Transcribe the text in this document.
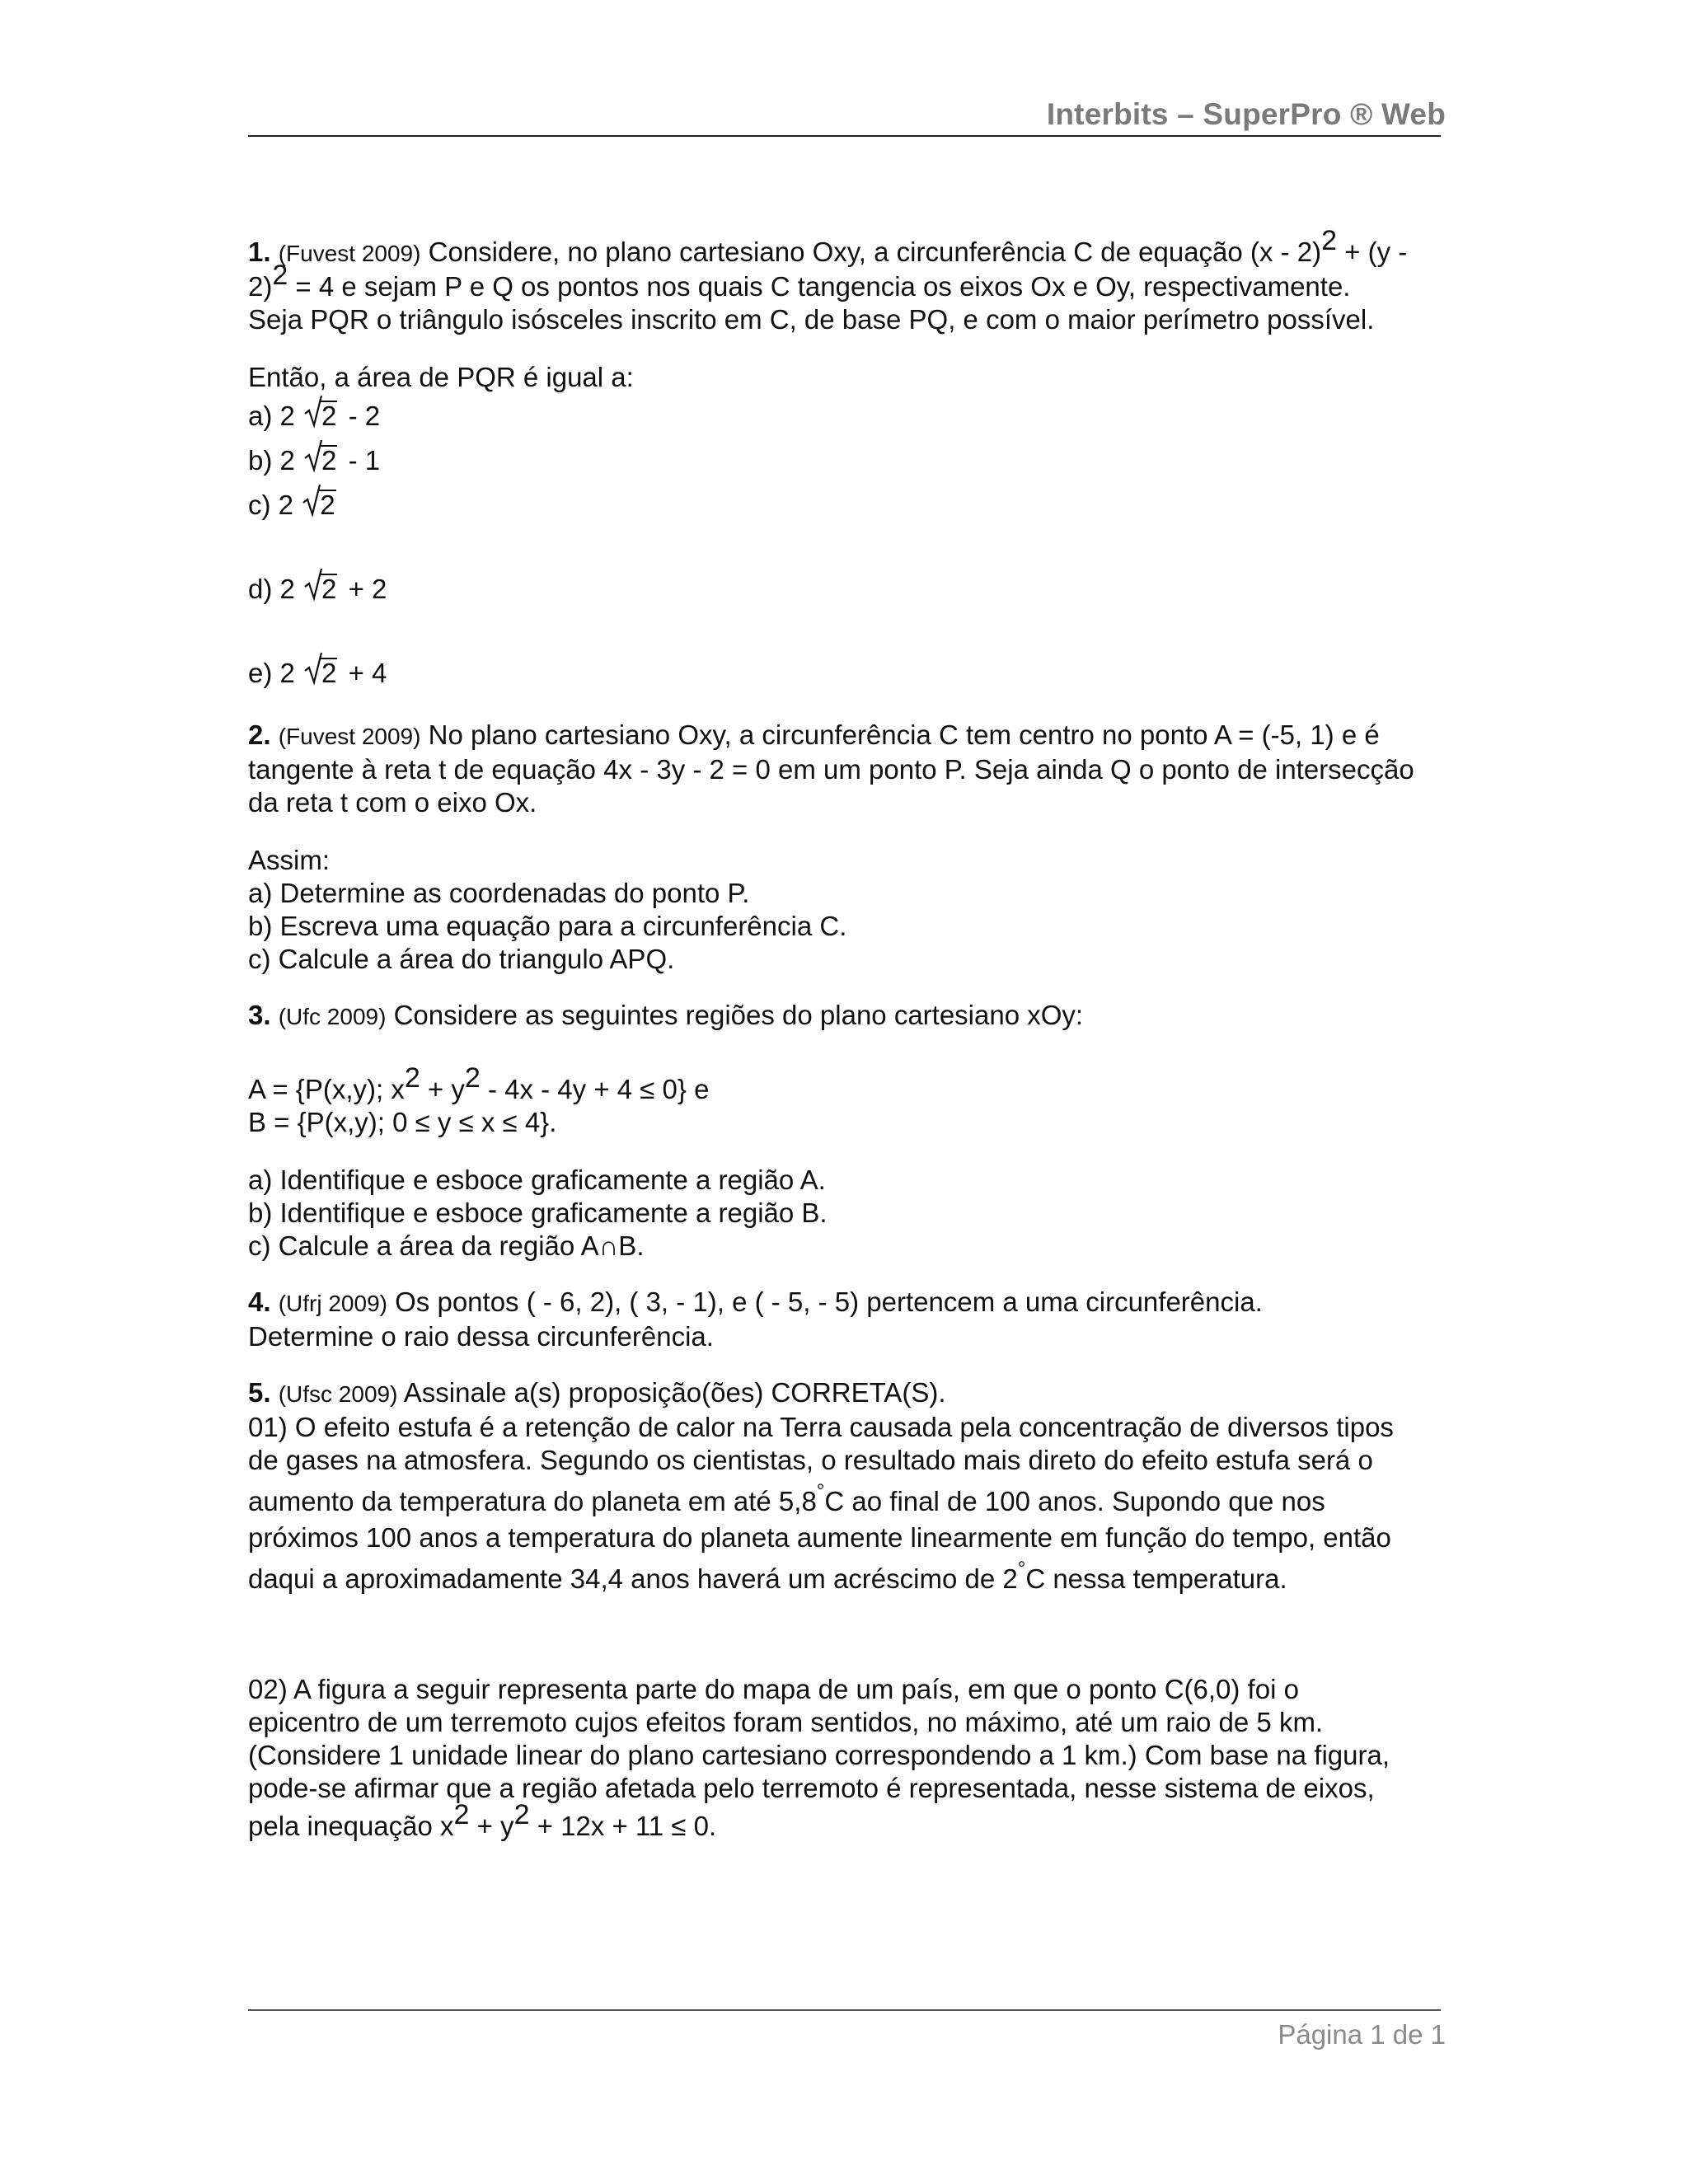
Interbits – SuperPro ® Web
1. (Fuvest 2009) Considere, no plano cartesiano Oxy, a circunferência C de equação (x - 2)2 + (y -
2)2 = 4 e sejam P e Q os pontos nos quais C tangencia os eixos Ox e Oy, respectivamente.
Seja PQR o triângulo isósceles inscrito em C, de base PQ, e com o maior perímetro possível.
Então, a área de PQR é igual a:
a) 2 2 - 2
b) 2 2 - 1
c) 2 2
d) 2 2 + 2
e) 2 2 + 4
2. (Fuvest 2009) No plano cartesiano Oxy, a circunferência C tem centro no ponto A = (-5, 1) e é
tangente à reta t de equação 4x - 3y - 2 = 0 em um ponto P. Seja ainda Q o ponto de intersecção
da reta t com o eixo Ox.
Assim:
a) Determine as coordenadas do ponto P.
b) Escreva uma equação para a circunferência C.
c) Calcule a área do triangulo APQ.
3. (Ufc 2009) Considere as seguintes regiões do plano cartesiano xOy:
A = {P(x,y); x2 + y2 - 4x - 4y + 4 ≤ 0} e
B = {P(x,y); 0 ≤ y ≤ x ≤ 4}.
a) Identifique e esboce graficamente a região A.
b) Identifique e esboce graficamente a região B.
c) Calcule a área da região A∩B.
4. (Ufrj 2009) Os pontos ( - 6, 2), ( 3, - 1), e ( - 5, - 5) pertencem a uma circunferência.
Determine o raio dessa circunferência.
5. (Ufsc 2009) Assinale a(s) proposição(ões) CORRETA(S).
01) O efeito estufa é a retenção de calor na Terra causada pela concentração de diversos tipos
de gases na atmosfera. Segundo os cientistas, o resultado mais direto do efeito estufa será o
aumento da temperatura do planeta em até 5,8°C ao final de 100 anos. Supondo que nos
próximos 100 anos a temperatura do planeta aumente linearmente em função do tempo, então
daqui a aproximadamente 34,4 anos haverá um acréscimo de 2°C nessa temperatura.
02) A figura a seguir representa parte do mapa de um país, em que o ponto C(6,0) foi o
epicentro de um terremoto cujos efeitos foram sentidos, no máximo, até um raio de 5 km.
(Considere 1 unidade linear do plano cartesiano correspondendo a 1 km.) Com base na figura,
pode-se afirmar que a região afetada pelo terremoto é representada, nesse sistema de eixos,
pela inequação x2 + y2 + 12x + 11 ≤ 0.
Página 1 de 1
